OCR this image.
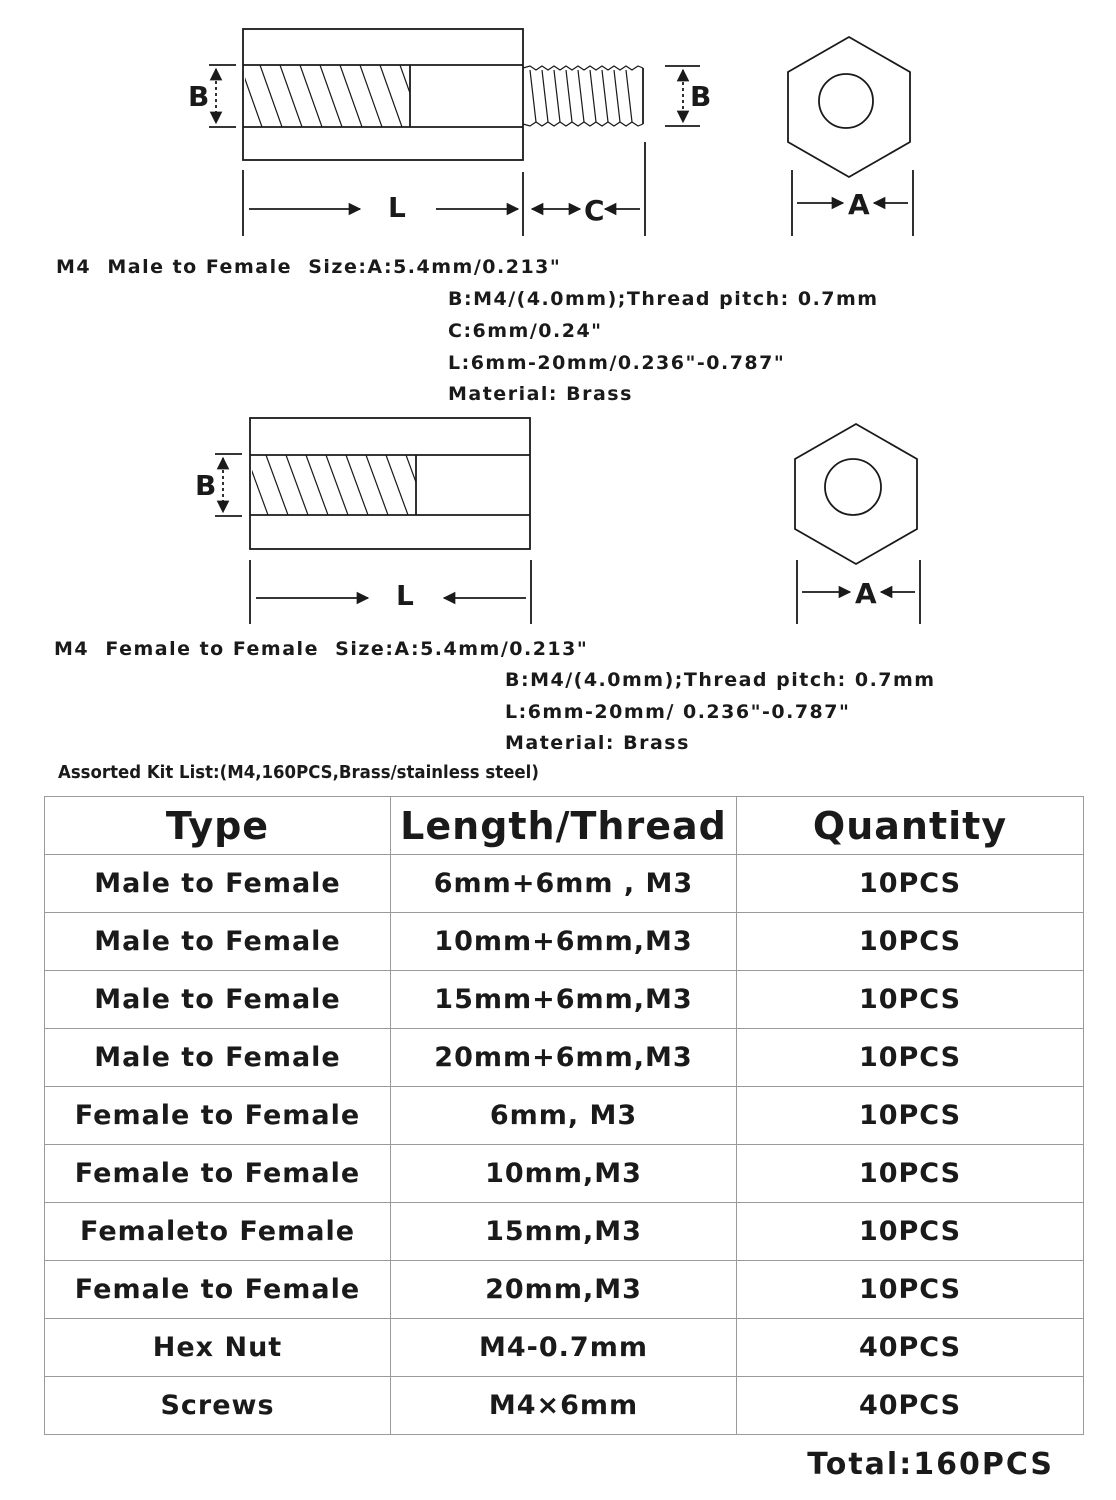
B	B
L	C	A
B
L	A
M4  Male to Female  Size:A:5.4mm/0.213"
B:M4/(4.0mm);Thread pitch: 0.7mm
C:6mm/0.24"
L:6mm-20mm/0.236"-0.787"
Material: Brass
M4  Female to Female  Size:A:5.4mm/0.213"
B:M4/(4.0mm);Thread pitch: 0.7mm
L:6mm-20mm∕ 0.236"-0.787"
Material: Brass
Assorted Kit List:(M4,160PCS,Brass/stainless steel)
Type	Length/Thread	Quantity
Male to Female	6mm+6mm , M3	10PCS
Male to Female	10mm+6mm,M3	10PCS
Male to Female	15mm+6mm,M3	10PCS
Male to Female	20mm+6mm,M3	10PCS
Female to Female	6mm, M3	10PCS
Female to Female	10mm,M3	10PCS
Femaleto Female	15mm,M3	10PCS
Female to Female	20mm,M3	10PCS
Hex Nut	M4-0.7mm	40PCS
Screws	M4×6mm	40PCS
Total:160PCS
